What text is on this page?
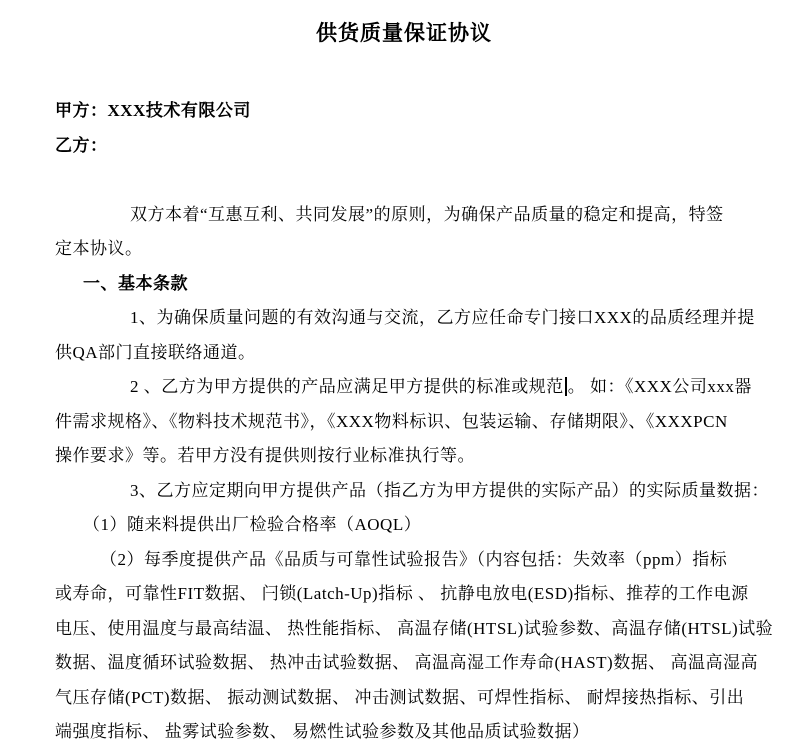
供货质量保证协议
甲方：XXX技术有限公司
乙方：
双方本着“互惠互利、共同发展”的原则，为确保产品质量的稳定和提高，特签
定本协议。
一、基本条款
1、为确保质量问题的有效沟通与交流，乙方应任命专门接口XXX的品质经理并提
供QA部门直接联络通道。
2 、乙方为甲方提供的产品应满足甲方提供的标准或规范 。 如：《XXX公司xxx器
件需求规格》、《物料技术规范书》，《XXX物料标识、包装运输、存储期限》、《XXXPCN
操作要求》等。若甲方没有提供则按行业标准执行等。
3、乙方应定期向甲方提供产品（指乙方为甲方提供的实际产品）的实际质量数据：
（1）随来料提供出厂检验合格率（AOQL）
（2）每季度提供产品《品质与可靠性试验报告》（内容包括：失效率（ppm）指标
或寿命，可靠性FIT数据、 闩锁(Latch-Up)指标 、 抗静电放电(ESD)指标、推荐的工作电源
电压、使用温度与最高结温、 热性能指标、 高温存储(HTSL)试验参数、高温存储(HTSL)试验
数据、温度循环试验数据、 热冲击试验数据、 高温高湿工作寿命(HAST)数据、 高温高湿高
气压存储(PCT)数据、 振动测试数据、 冲击测试数据、可焊性指标、 耐焊接热指标、引出
端强度指标、 盐雾试验参数、 易燃性试验参数及其他品质试验数据）
